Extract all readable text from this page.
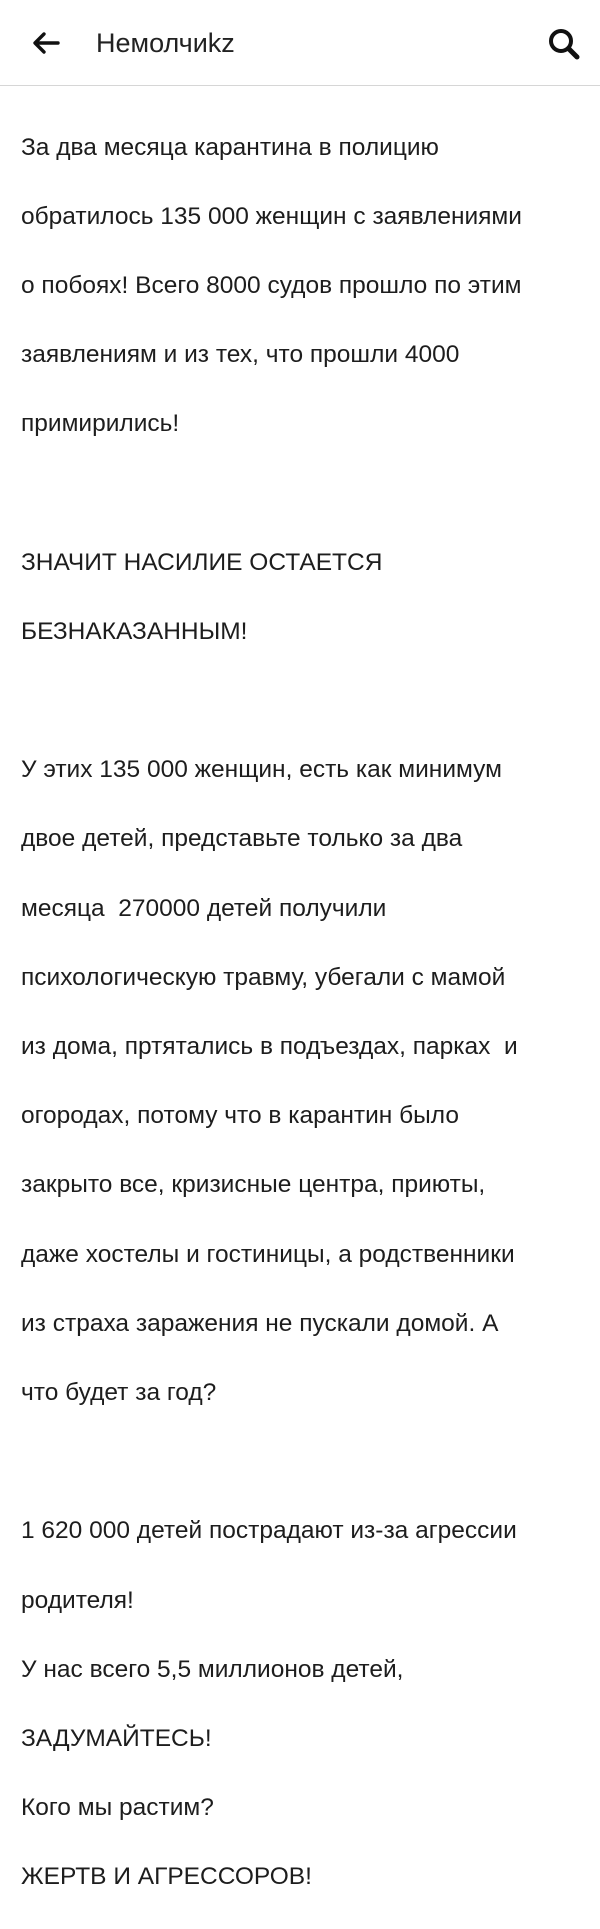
Немолчиkz

За два месяца карантина в полицию

обратилось 135 000 женщин с заявлениями

о побоях! Всего 8000 судов прошло по этим

заявлениям и из тех, что прошли 4000

примирились!

ЗНАЧИТ НАСИЛИЕ ОСТАЕТСЯ

БЕЗНАКАЗАННЫМ!

У этих 135 000 женщин, есть как минимум

двое детей, представьте только за два

месяца  270000 детей получили

психологическую травму, убегали с мамой

из дома, пртятались в подъездах, парках  и

огородах, потому что в карантин было

закрыто все, кризисные центра, приюты,

даже хостелы и гостиницы, а родственники

из страха заражения не пускали домой. А

что будет за год?

1 620 000 детей пострадают из-за агрессии

родителя!

У нас всего 5,5 миллионов детей,

ЗАДУМАЙТЕСЬ!

Кого мы растим?

ЖЕРТВ И АГРЕССОРОВ!
